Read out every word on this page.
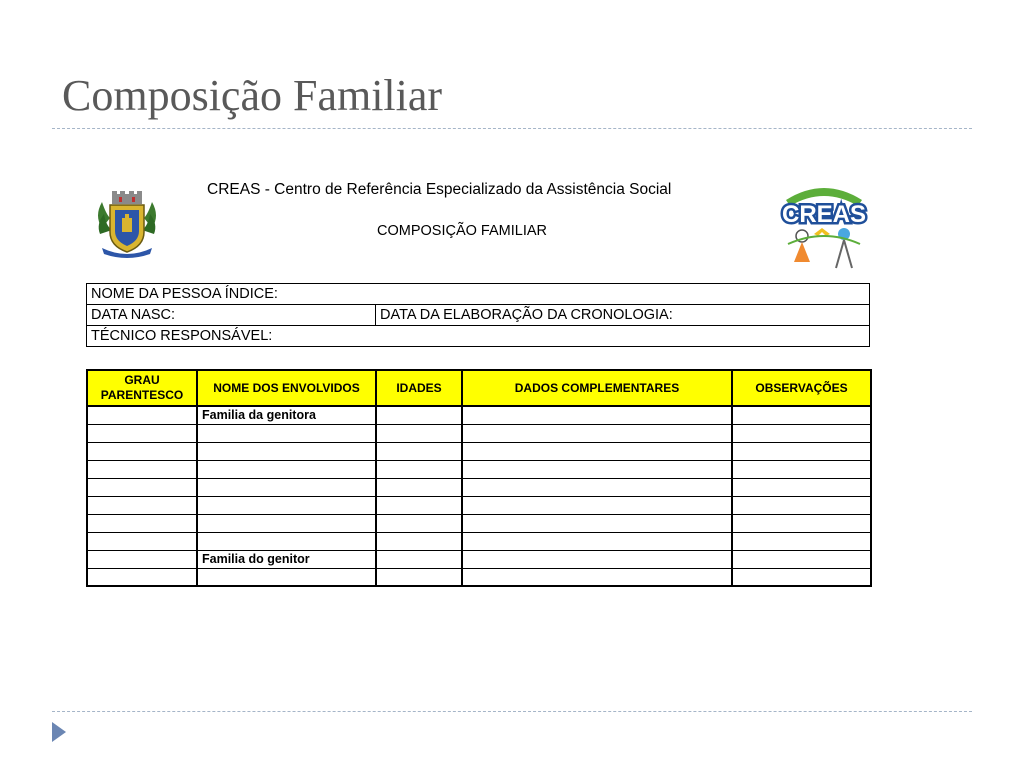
Composição Familiar
CREAS - Centro de Referência Especializado da Assistência Social
COMPOSIÇÃO FAMILIAR
CREAS
NOME DA PESSOA ÍNDICE:
DATA NASC:	DATA DA ELABORAÇÃO DA CRONOLOGIA:
TÉCNICO RESPONSÁVEL:
GRAU PARENTESCO	NOME DOS ENVOLVIDOS	IDADES	DADOS COMPLEMENTARES	OBSERVAÇÕES
	Familia da genitora			

	Familia do genitor			
